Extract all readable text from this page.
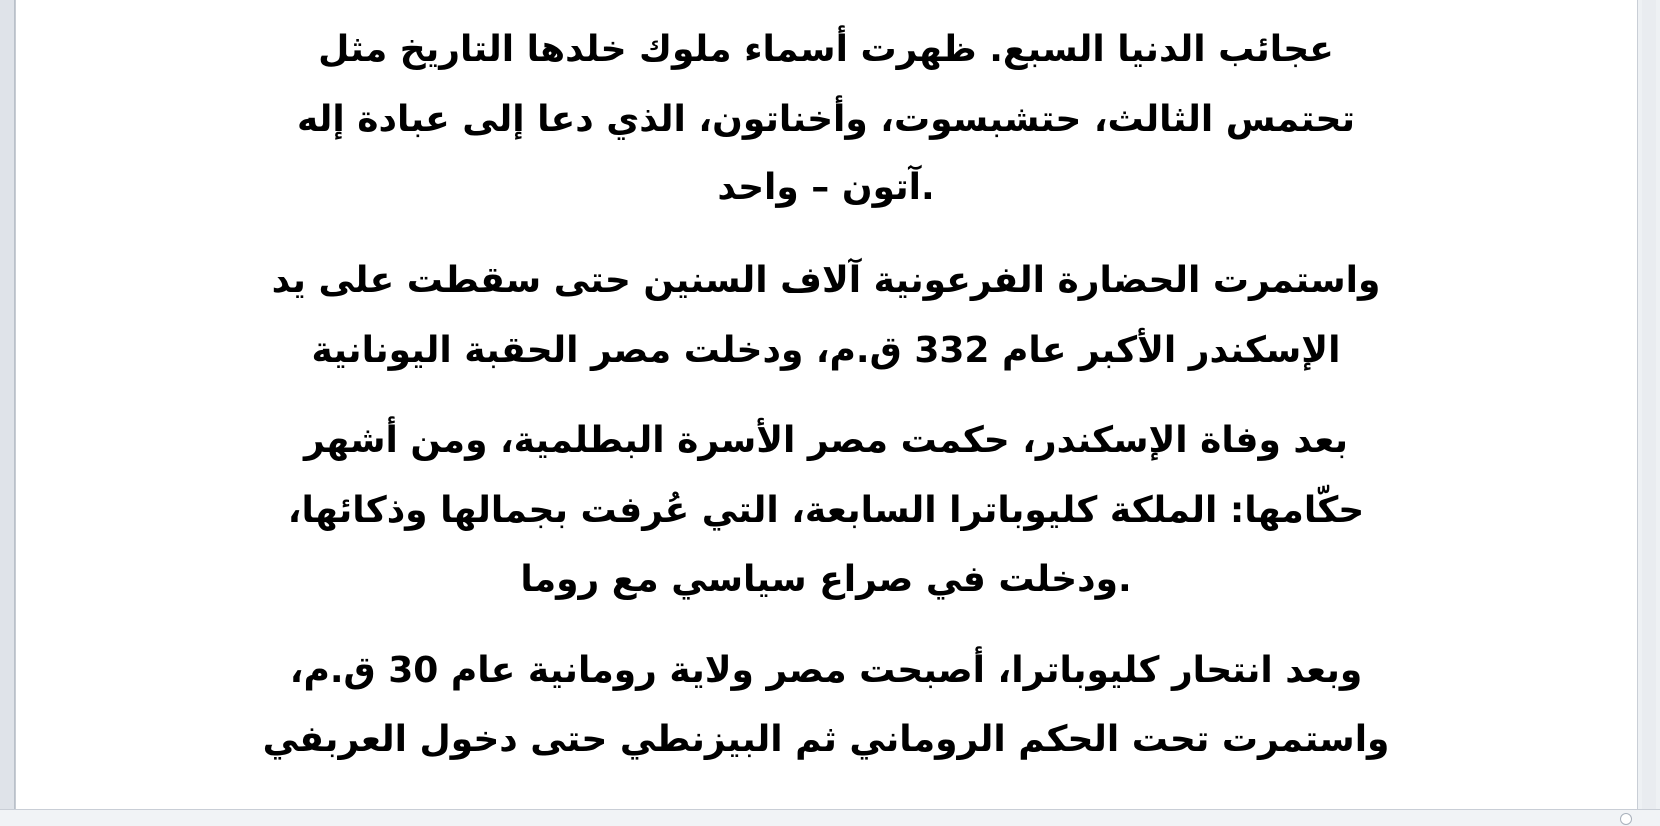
عجائب الدنيا السبع. ظهرت أسماء ملوك خلدها التاريخ مثل
تحتمس الثالث، حتشبسوت، وأخناتون، الذي دعا إلى عبادة إله
.آتون – واحد
واستمرت الحضارة الفرعونية آلاف السنين حتى سقطت على يد
الإسكندر الأكبر عام 332 ق.م، ودخلت مصر الحقبة اليونانية
بعد وفاة الإسكندر، حكمت مصر الأسرة البطلمية، ومن أشهر
حكّامها: الملكة كليوباترا السابعة، التي عُرفت بجمالها وذكائها،
.ودخلت في صراع سياسي مع روما
وبعد انتحار كليوباترا، أصبحت مصر ولاية رومانية عام 30 ق.م،
واستمرت تحت الحكم الروماني ثم البيزنطي حتى دخول العربفي
